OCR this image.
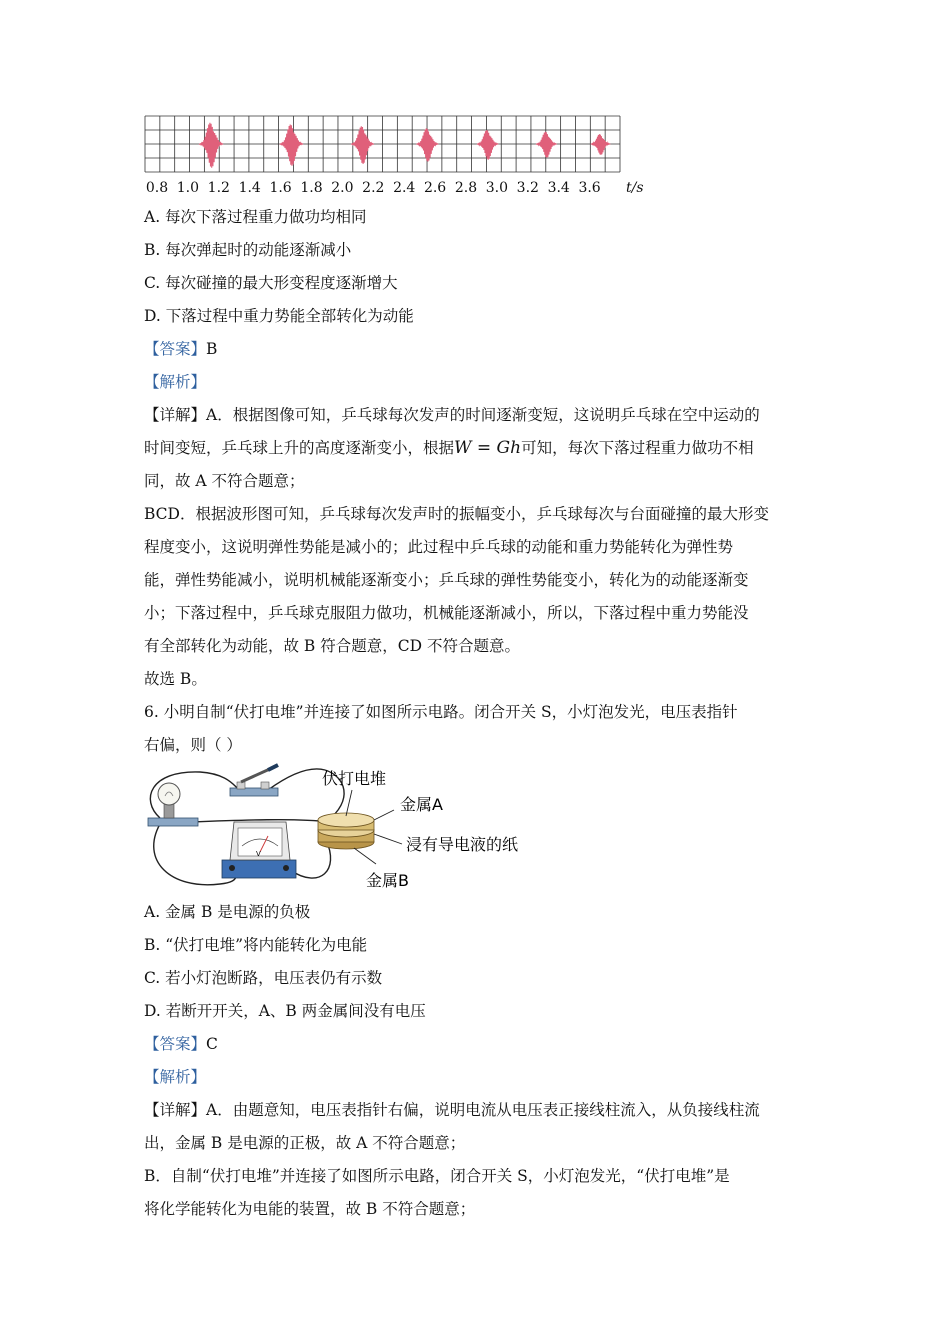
0.8 1.0 1.2 1.4 1.6 1.8 2.0 2.2 2.4 2.6 2.8 3.0 3.2 3.4 3.6 t/s
A. 每次下落过程重力做功均相同
B. 每次弹起时的动能逐渐减小
C. 每次碰撞的最大形变程度逐渐增大
D. 下落过程中重力势能全部转化为动能
【答案】B
【解析】
【详解】A．根据图像可知，乒乓球每次发声的时间逐渐变短，这说明乒乓球在空中运动的
时间变短，乒乓球上升的高度逐渐变小，根据W = Gh可知，每次下落过程重力做功不相
同，故 A 不符合题意；
BCD．根据波形图可知，乒乓球每次发声时的振幅变小，乒乓球每次与台面碰撞的最大形变
程度变小，这说明弹性势能是减小的；此过程中乒乓球的动能和重力势能转化为弹性势
能，弹性势能减小，说明机械能逐渐变小；乒乓球的弹性势能变小，转化为的动能逐渐变
小；下落过程中，乒乓球克服阻力做功，机械能逐渐减小，所以，下落过程中重力势能没
有全部转化为动能，故 B 符合题意，CD 不符合题意。
故选 B。
6. 小明自制“伏打电堆”并连接了如图所示电路。闭合开关 S，小灯泡发光，电压表指针
右偏，则（ ）
V
伏打电堆
金属A
浸有导电液的纸
金属B
A. 金属 B 是电源的负极
B. “伏打电堆”将内能转化为电能
C. 若小灯泡断路，电压表仍有示数
D. 若断开开关，A、B 两金属间没有电压
【答案】C
【解析】
【详解】A．由题意知，电压表指针右偏，说明电流从电压表正接线柱流入，从负接线柱流
出，金属 B 是电源的正极，故 A 不符合题意；
B．自制“伏打电堆”并连接了如图所示电路，闭合开关 S，小灯泡发光，“伏打电堆”是
将化学能转化为电能的装置，故 B 不符合题意；
